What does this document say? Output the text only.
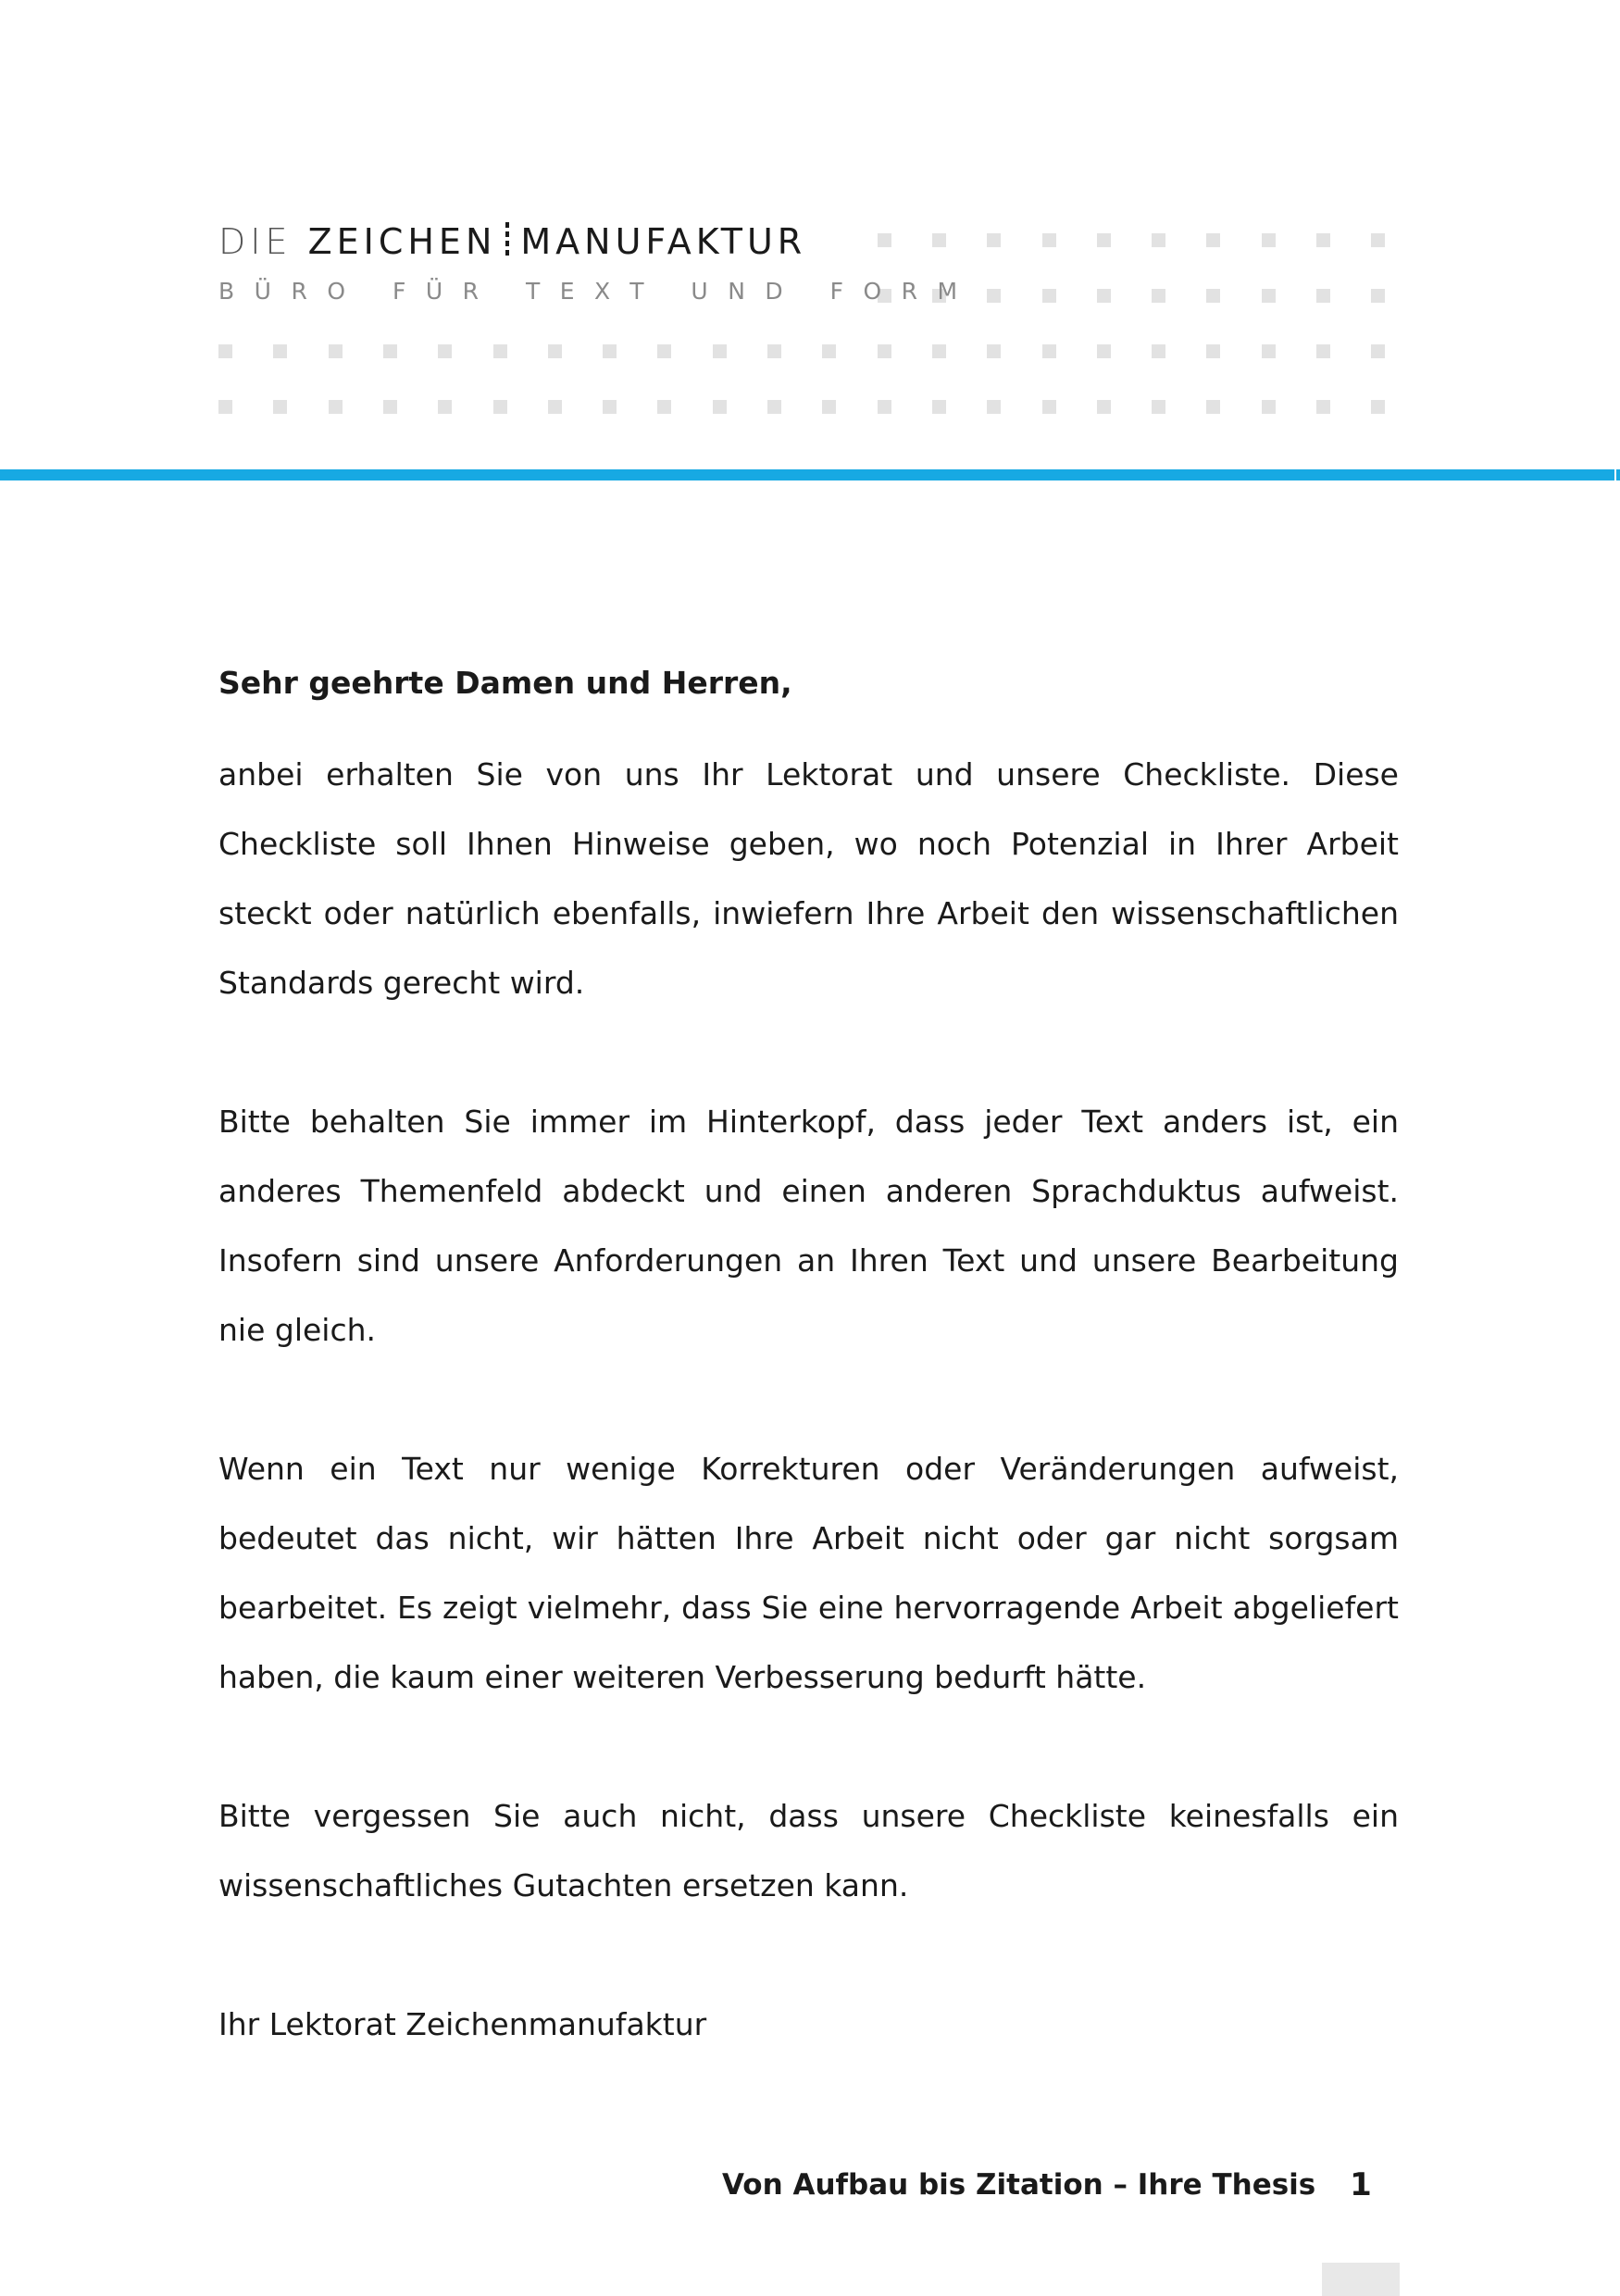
DIE ZEICHEN MANUFAKTUR
BÜRO FÜR TEXT UND FORM

Sehr geehrte Damen und Herren,

anbei erhalten Sie von uns Ihr Lektorat und unsere Checkliste. Diese Checkliste soll Ihnen Hinweise geben, wo noch Potenzial in Ihrer Arbeit steckt oder natürlich ebenfalls, inwiefern Ihre Arbeit den wissenschaftlichen Standards gerecht wird.

Bitte behalten Sie immer im Hinterkopf, dass jeder Text anders ist, ein anderes Themenfeld abdeckt und einen anderen Sprachduktus aufweist. Insofern sind unsere Anforderungen an Ihren Text und unsere Bearbeitung nie gleich.

Wenn ein Text nur wenige Korrekturen oder Veränderungen aufweist, bedeutet das nicht, wir hätten Ihre Arbeit nicht oder gar nicht sorgsam bearbeitet. Es zeigt vielmehr, dass Sie eine hervorragende Arbeit abgeliefert haben, die kaum einer weiteren Verbesserung bedurft hätte.

Bitte vergessen Sie auch nicht, dass unsere Checkliste keinesfalls ein wissenschaftliches Gutachten ersetzen kann.

Ihr Lektorat Zeichenmanufaktur

Von Aufbau bis Zitation – Ihre Thesis	1
